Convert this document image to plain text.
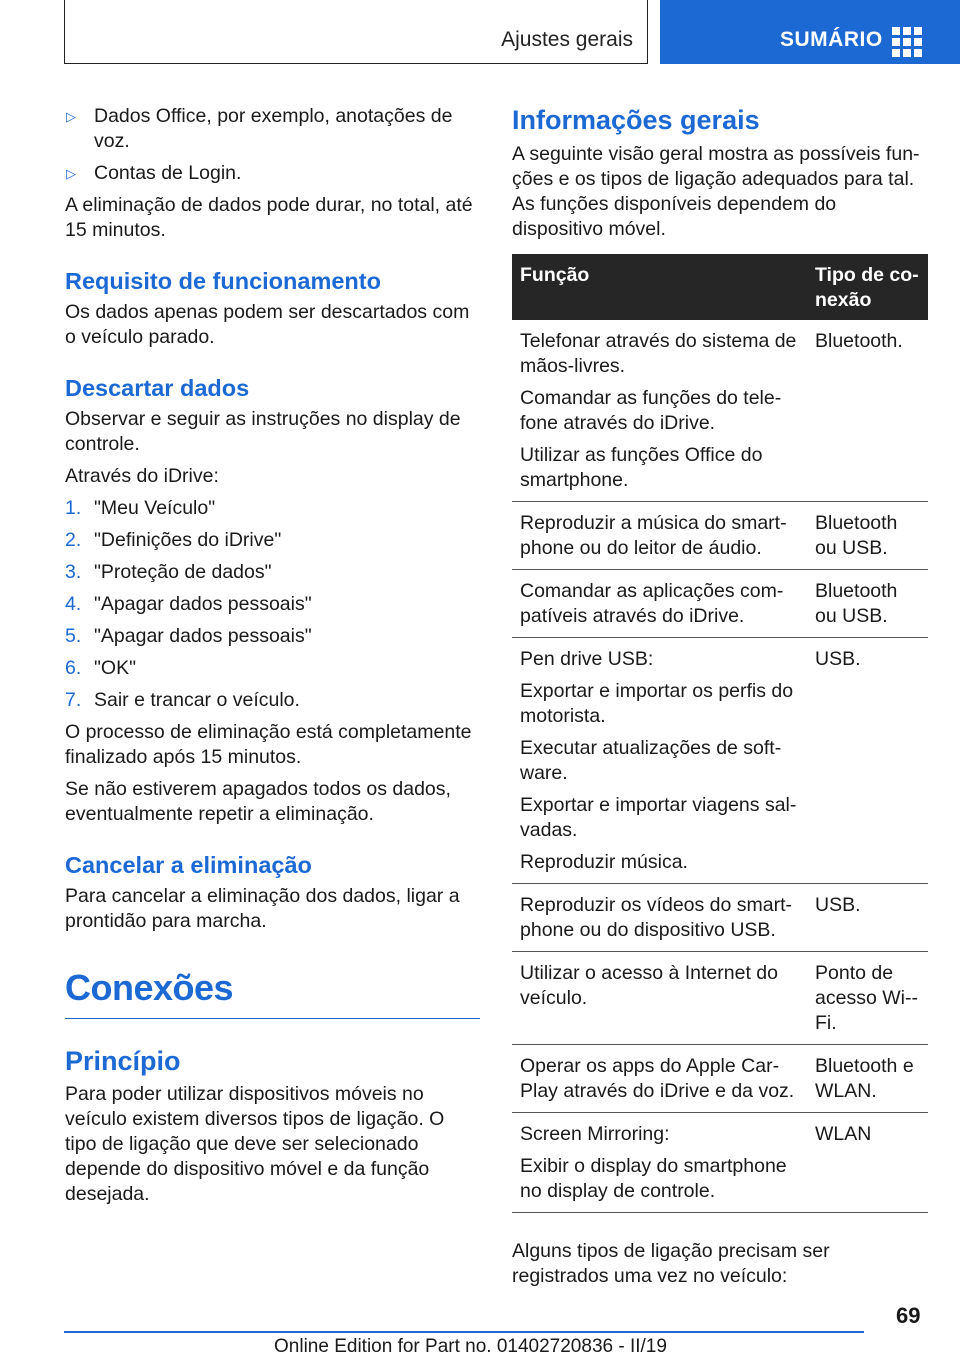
Ajustes gerais	SUMÁRIO
▷ Dados Office, por exemplo, anotações de voz.
▷ Contas de Login.

A eliminação de dados pode durar, no total, até 15 minutos.

Requisito de funcionamento

Os dados apenas podem ser descartados com o veículo parado.

Descartar dados

Observar e seguir as instruções no display de controle.

Através do iDrive:

1. "Meu Veículo"
2. "Definições do iDrive"
3. "Proteção de dados"
4. "Apagar dados pessoais"
5. "Apagar dados pessoais"
6. "OK"
7. Sair e trancar o veículo.

O processo de eliminação está completamente finalizado após 15 minutos.

Se não estiverem apagados todos os dados, eventualmente repetir a eliminação.

Cancelar a eliminação

Para cancelar a eliminação dos dados, ligar a prontidão para marcha.

Conexões
Princípio

Para poder utilizar dispositivos móveis no veículo existem diversos tipos de ligação. O tipo de ligação que deve ser selecionado depende do dispositivo móvel e da função desejada.

Informações gerais

A seguinte visão geral mostra as possíveis funções e os tipos de ligação adequados para tal. As funções disponíveis dependem do dispositivo móvel.

Função	Tipo de conexão

Telefonar através do sistema de mãos-livres.

Comandar as funções do telefone através do iDrive.

Utilizar as funções Office do smartphone.	Bluetooth.

Reproduzir a música do smartphone ou do leitor de áudio.	Bluetooth ou USB.

Comandar as aplicações compatíveis através do iDrive.	Bluetooth ou USB.

Pen drive USB:

Exportar e importar os perfis do motorista.

Executar atualizações de software.

Exportar e importar viagens salvadas.

Reproduzir música.	USB.

Reproduzir os vídeos do smartphone ou do dispositivo USB.	USB.

Utilizar o acesso à Internet do veículo.	Ponto de acesso Wi-Fi.

Operar os apps do Apple CarPlay através do iDrive e da voz.	Bluetooth e WLAN.

Screen Mirroring:

Exibir o display do smartphone no display de controle.	WLAN

Alguns tipos de ligação precisam ser registrados uma vez no veículo:

69
Online Edition for Part no. 01402720836 - II/19
